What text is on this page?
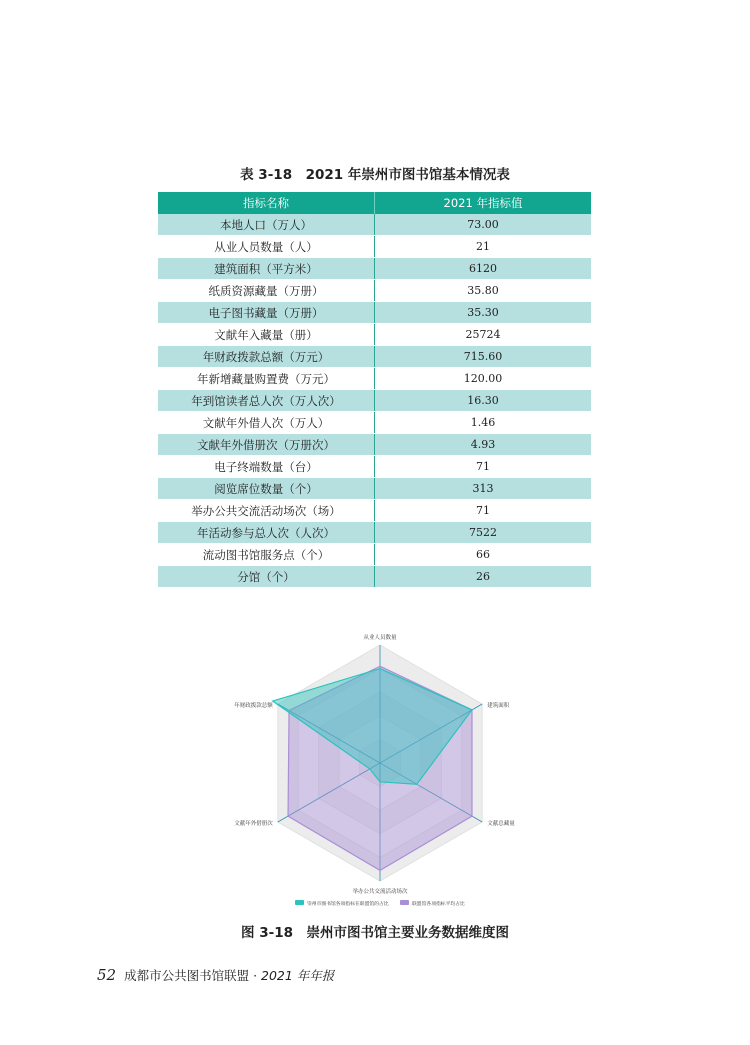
表 3-18　2021 年崇州市图书馆基本情况表
指标名称	2021 年指标值
本地人口（万人）	73.00
从业人员数量（人）	21
建筑面积（平方米）	6120
纸质资源藏量（万册）	35.80
电子图书藏量（万册）	35.30
文献年入藏量（册）	25724
年财政拨款总额（万元）	715.60
年新增藏量购置费（万元）	120.00
年到馆读者总人次（万人次）	16.30
文献年外借人次（万人）	1.46
文献年外借册次（万册次）	4.93
电子终端数量（台）	71
阅览席位数量（个）	313
举办公共交流活动场次（场）	71
年活动参与总人次（人次）	7522
流动图书馆服务点（个）	66
分馆（个）	26
从业人员数量
建筑面积
文献总藏量
举办公共交流活动场次
文献年外借册次
年财政拨款总额
崇州市图书馆各项指标在联盟馆的占比	联盟馆各项指标平均占比
图 3-18　崇州市图书馆主要业务数据维度图
52 成都市公共图书馆联盟 · 2021 年年报
